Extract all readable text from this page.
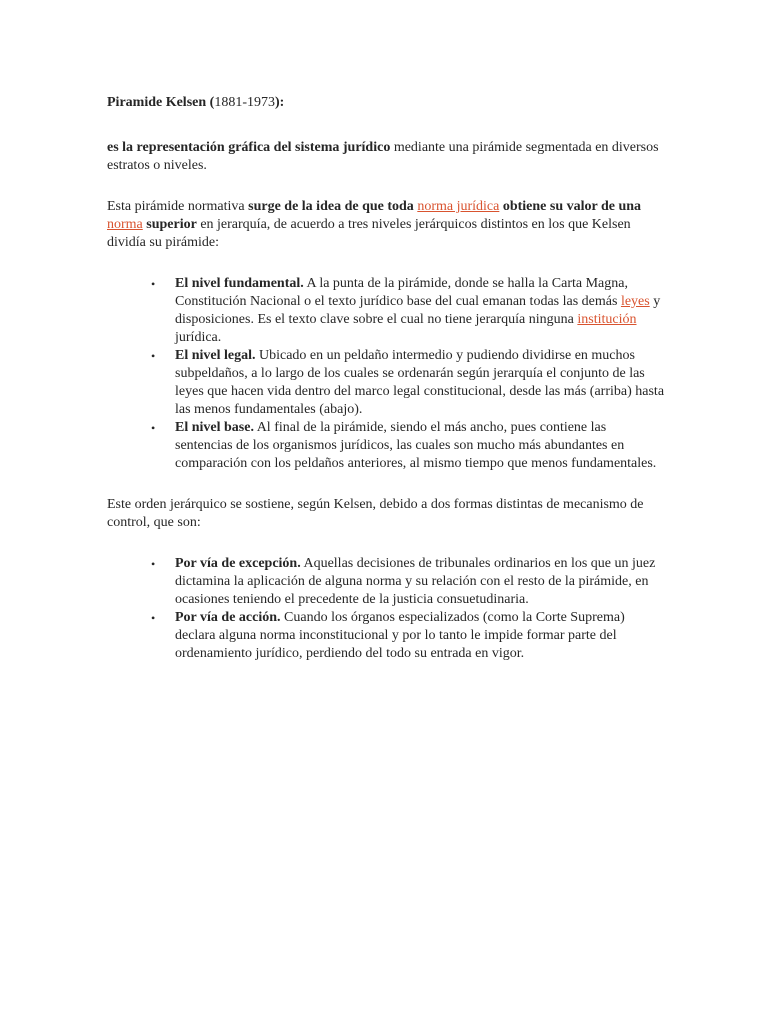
Piramide Kelsen (1881-1973):

es la representación gráfica del sistema jurídico mediante una pirámide segmentada en diversos estratos o niveles.

Esta pirámide normativa surge de la idea de que toda norma jurídica obtiene su valor de una norma superior en jerarquía, de acuerdo a tres niveles jerárquicos distintos en los que Kelsen dividía su pirámide:

• El nivel fundamental. A la punta de la pirámide, donde se halla la Carta Magna, Constitución Nacional o el texto jurídico base del cual emanan todas las demás leyes y disposiciones. Es el texto clave sobre el cual no tiene jerarquía ninguna institución jurídica.
• El nivel legal. Ubicado en un peldaño intermedio y pudiendo dividirse en muchos subpeldaños, a lo largo de los cuales se ordenarán según jerarquía el conjunto de las leyes que hacen vida dentro del marco legal constitucional, desde las más (arriba) hasta las menos fundamentales (abajo).
• El nivel base. Al final de la pirámide, siendo el más ancho, pues contiene las sentencias de los organismos jurídicos, las cuales son mucho más abundantes en comparación con los peldaños anteriores, al mismo tiempo que menos fundamentales.

Este orden jerárquico se sostiene, según Kelsen, debido a dos formas distintas de mecanismo de control, que son:

• Por vía de excepción. Aquellas decisiones de tribunales ordinarios en los que un juez dictamina la aplicación de alguna norma y su relación con el resto de la pirámide, en ocasiones teniendo el precedente de la justicia consuetudinaria.
• Por vía de acción. Cuando los órganos especializados (como la Corte Suprema) declara alguna norma inconstitucional y por lo tanto le impide formar parte del ordenamiento jurídico, perdiendo del todo su entrada en vigor.
